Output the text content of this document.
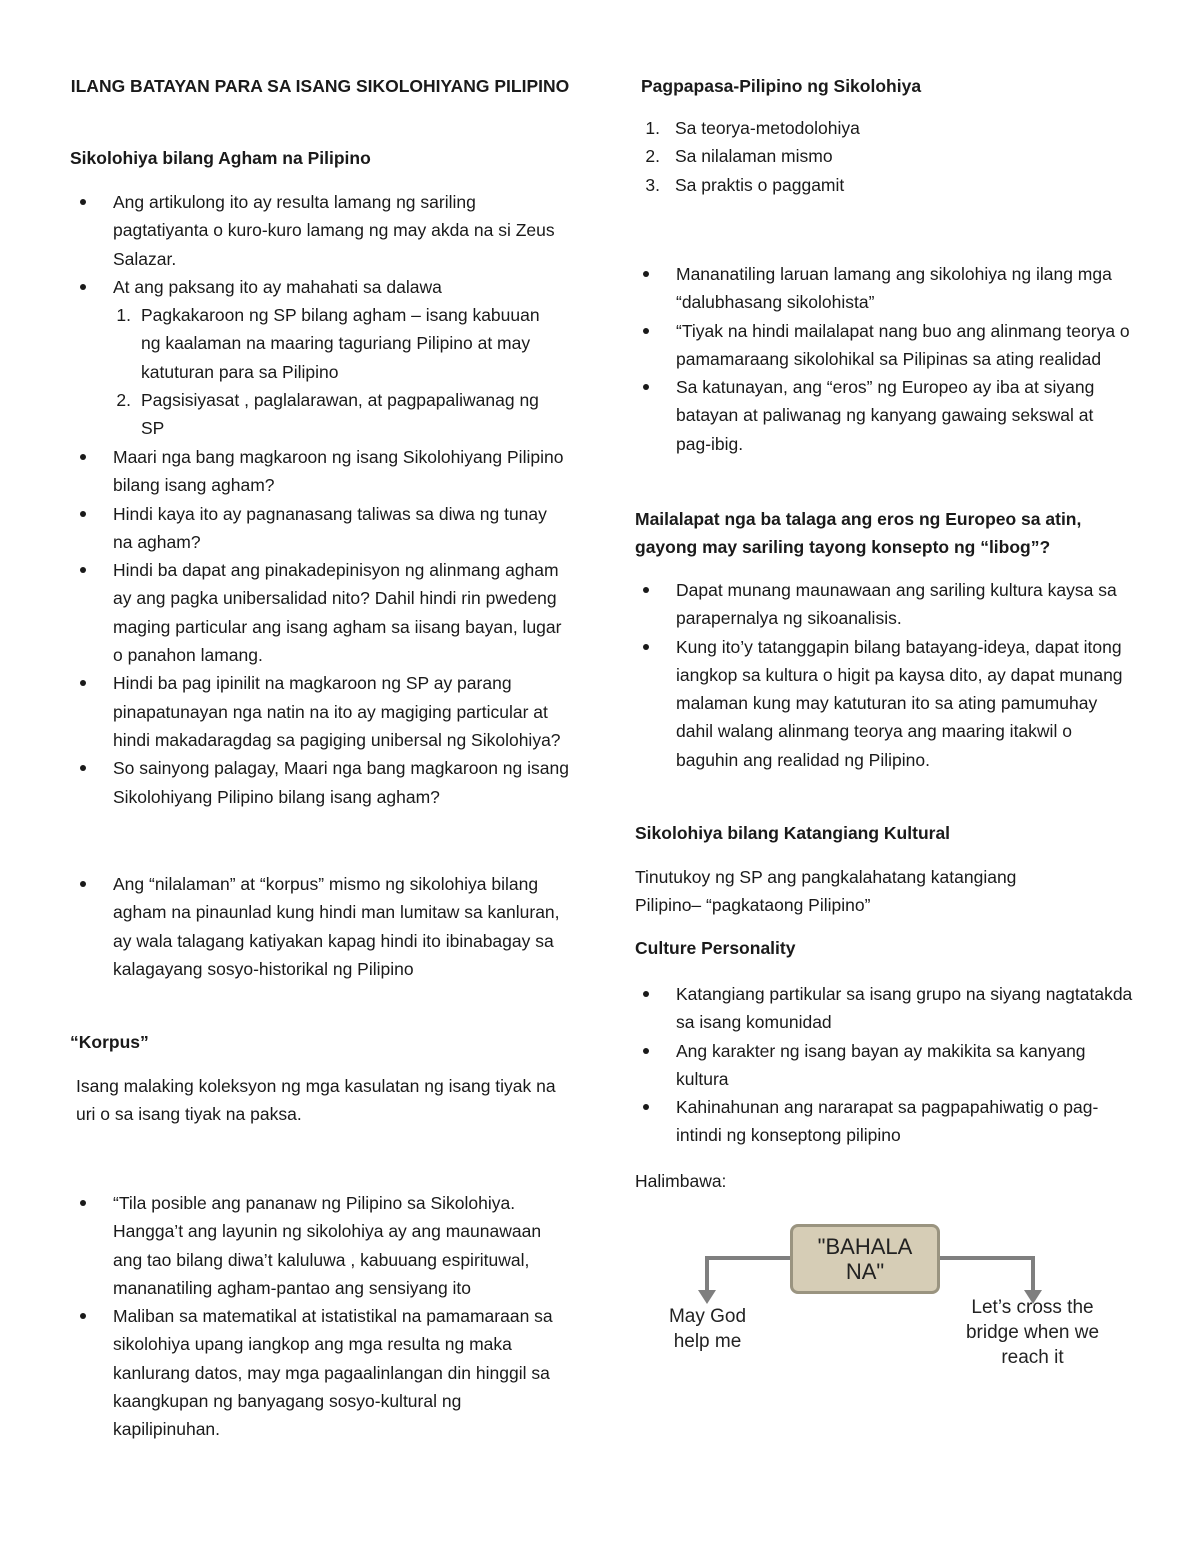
ILANG BATAYAN PARA SA ISANG SIKOLOHIYANG PILIPINO
Sikolohiya bilang Agham na Pilipino
Ang artikulong ito ay resulta lamang ng sariling pagtatiyanta o kuro-kuro lamang ng may akda na si Zeus Salazar.
At ang paksang ito ay mahahati sa dalawa
1. Pagkakaroon ng SP bilang agham – isang kabuuan ng kaalaman na maaring taguriang Pilipino at may katuturan para sa Pilipino
2. Pagsisiyasat , paglalarawan, at pagpapaliwanag ng SP
Maari nga bang magkaroon ng isang Sikolohiyang Pilipino bilang isang agham?
Hindi kaya ito ay pagnanasang taliwas sa diwa ng tunay na agham?
Hindi ba dapat ang pinakadepinisyon ng alinmang agham ay ang pagka unibersalidad nito? Dahil hindi rin pwedeng maging particular ang isang agham sa iisang bayan, lugar o panahon lamang.
Hindi ba pag ipinilit na magkaroon ng SP ay parang pinapatunayan nga natin na ito ay magiging particular at hindi makadaragdag sa pagiging unibersal ng Sikolohiya?
So sainyong palagay, Maari nga bang magkaroon ng isang Sikolohiyang Pilipino bilang isang agham?
Ang “nilalaman” at “korpus” mismo ng sikolohiya bilang agham na pinaunlad kung hindi man lumitaw sa kanluran, ay wala talagang katiyakan kapag hindi ito ibinabagay sa kalagayang sosyo-historikal ng Pilipino
“Korpus”

Isang malaking koleksyon ng mga kasulatan ng isang tiyak na uri o sa isang tiyak na paksa.

“Tila posible ang pananaw ng Pilipino sa Sikolohiya. Hangga’t ang layunin ng sikolohiya ay ang maunawaan ang tao bilang diwa’t kaluluwa , kabuuang espirituwal, mananatiling agham-pantao ang sensiyang ito
Maliban sa matematikal at istatistikal na pamamaraan sa sikolohiya upang iangkop ang mga resulta ng maka kanlurang datos, may mga pagaalinlangan din hinggil sa kaangkupan ng banyagang sosyo-kultural ng kapilipinuhan.
Pagpapasa-Pilipino ng Sikolohiya
1. Sa teorya-metodolohiya
2. Sa nilalaman mismo
3. Sa praktis o paggamit
Mananatiling laruan lamang ang sikolohiya ng ilang mga “dalubhasang sikolohista”
“Tiyak na hindi mailalapat nang buo ang alinmang teorya o pamamaraang sikolohikal sa Pilipinas sa ating realidad
Sa katunayan, ang “eros” ng Europeo ay iba at siyang batayan at paliwanag ng kanyang gawaing sekswal at pag-ibig.
Mailalapat nga ba talaga ang eros ng Europeo sa atin, gayong may sariling tayong konsepto ng “libog”?
Dapat munang maunawaan ang sariling kultura kaysa sa parapernalya ng sikoanalisis.
Kung ito’y tatanggapin bilang batayang-ideya, dapat itong iangkop sa kultura o higit pa kaysa dito, ay dapat munang malaman kung may katuturan ito sa ating pamumuhay dahil walang alinmang teorya ang maaring itakwil o baguhin ang realidad ng Pilipino.
Sikolohiya bilang Katangiang Kultural

Tinutukoy ng SP ang pangkalahatang katangiang Pilipino– “pagkataong Pilipino”

Culture Personality
Katangiang partikular sa isang grupo na siyang nagtatakda sa isang komunidad
Ang karakter ng isang bayan ay makikita sa kanyang kultura
Kahinahunan ang nararapat sa pagpapahiwatig o pag-intindi ng konseptong pilipino

Halimbawa:

"BAHALA NA"
May God help me
Let’s cross the bridge when we reach it
